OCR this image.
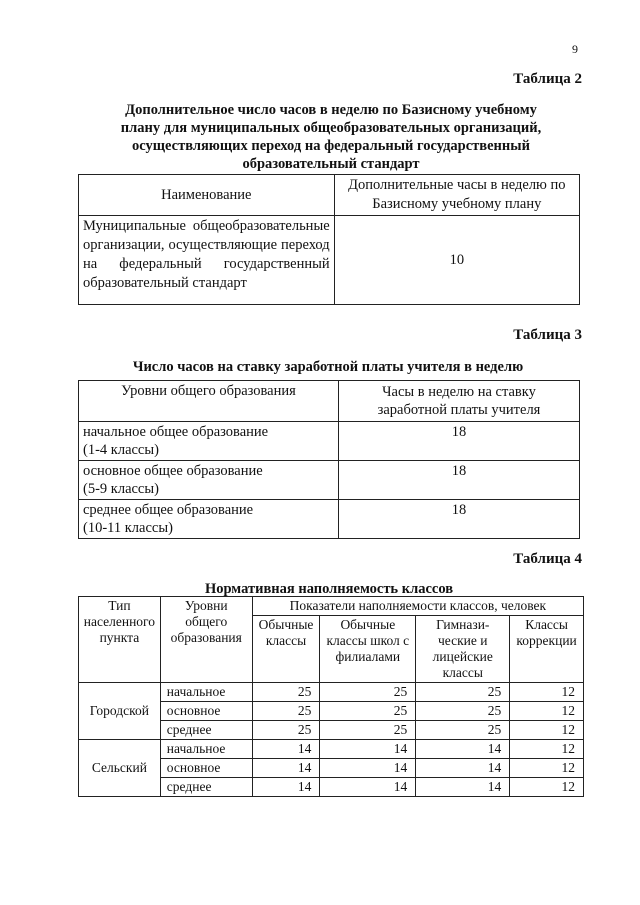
9
Таблица 2
Дополнительное число часов в неделю по Базисному учебному
плану для муниципальных общеобразовательных организаций,
осуществляющих переход на федеральный государственный
образовательный стандарт
Наименование	Дополнительные часы в неделю по Базисному учебному плану
Муниципальные общеобразовательные организации, осуществляющие переход на федеральный государственный образовательный стандарт	10
Таблица 3
Число часов на ставку заработной платы учителя в неделю
Уровни общего образования	Часы в неделю на ставку заработной платы учителя

начальное общее образование
(1-4 классы)	18

основное общее образование
(5-9 классы)	18

среднее общее образование
(10-11 классы)	18
Таблица 4
Нормативная наполняемость классов
Тип населенного пункта	Уровни общего образования	Показатели наполняемости классов, человек			
		Обычные классы	Обычные классы школ с филиалами	Гимнази-ческие и лицейские классы	Классы коррекции
Городской	начальное	25	25	25	12
	основное	25	25	25	12
	среднее	25	25	25	12
Сельский	начальное	14	14	14	12
	основное	14	14	14	12
	среднее	14	14	14	12
